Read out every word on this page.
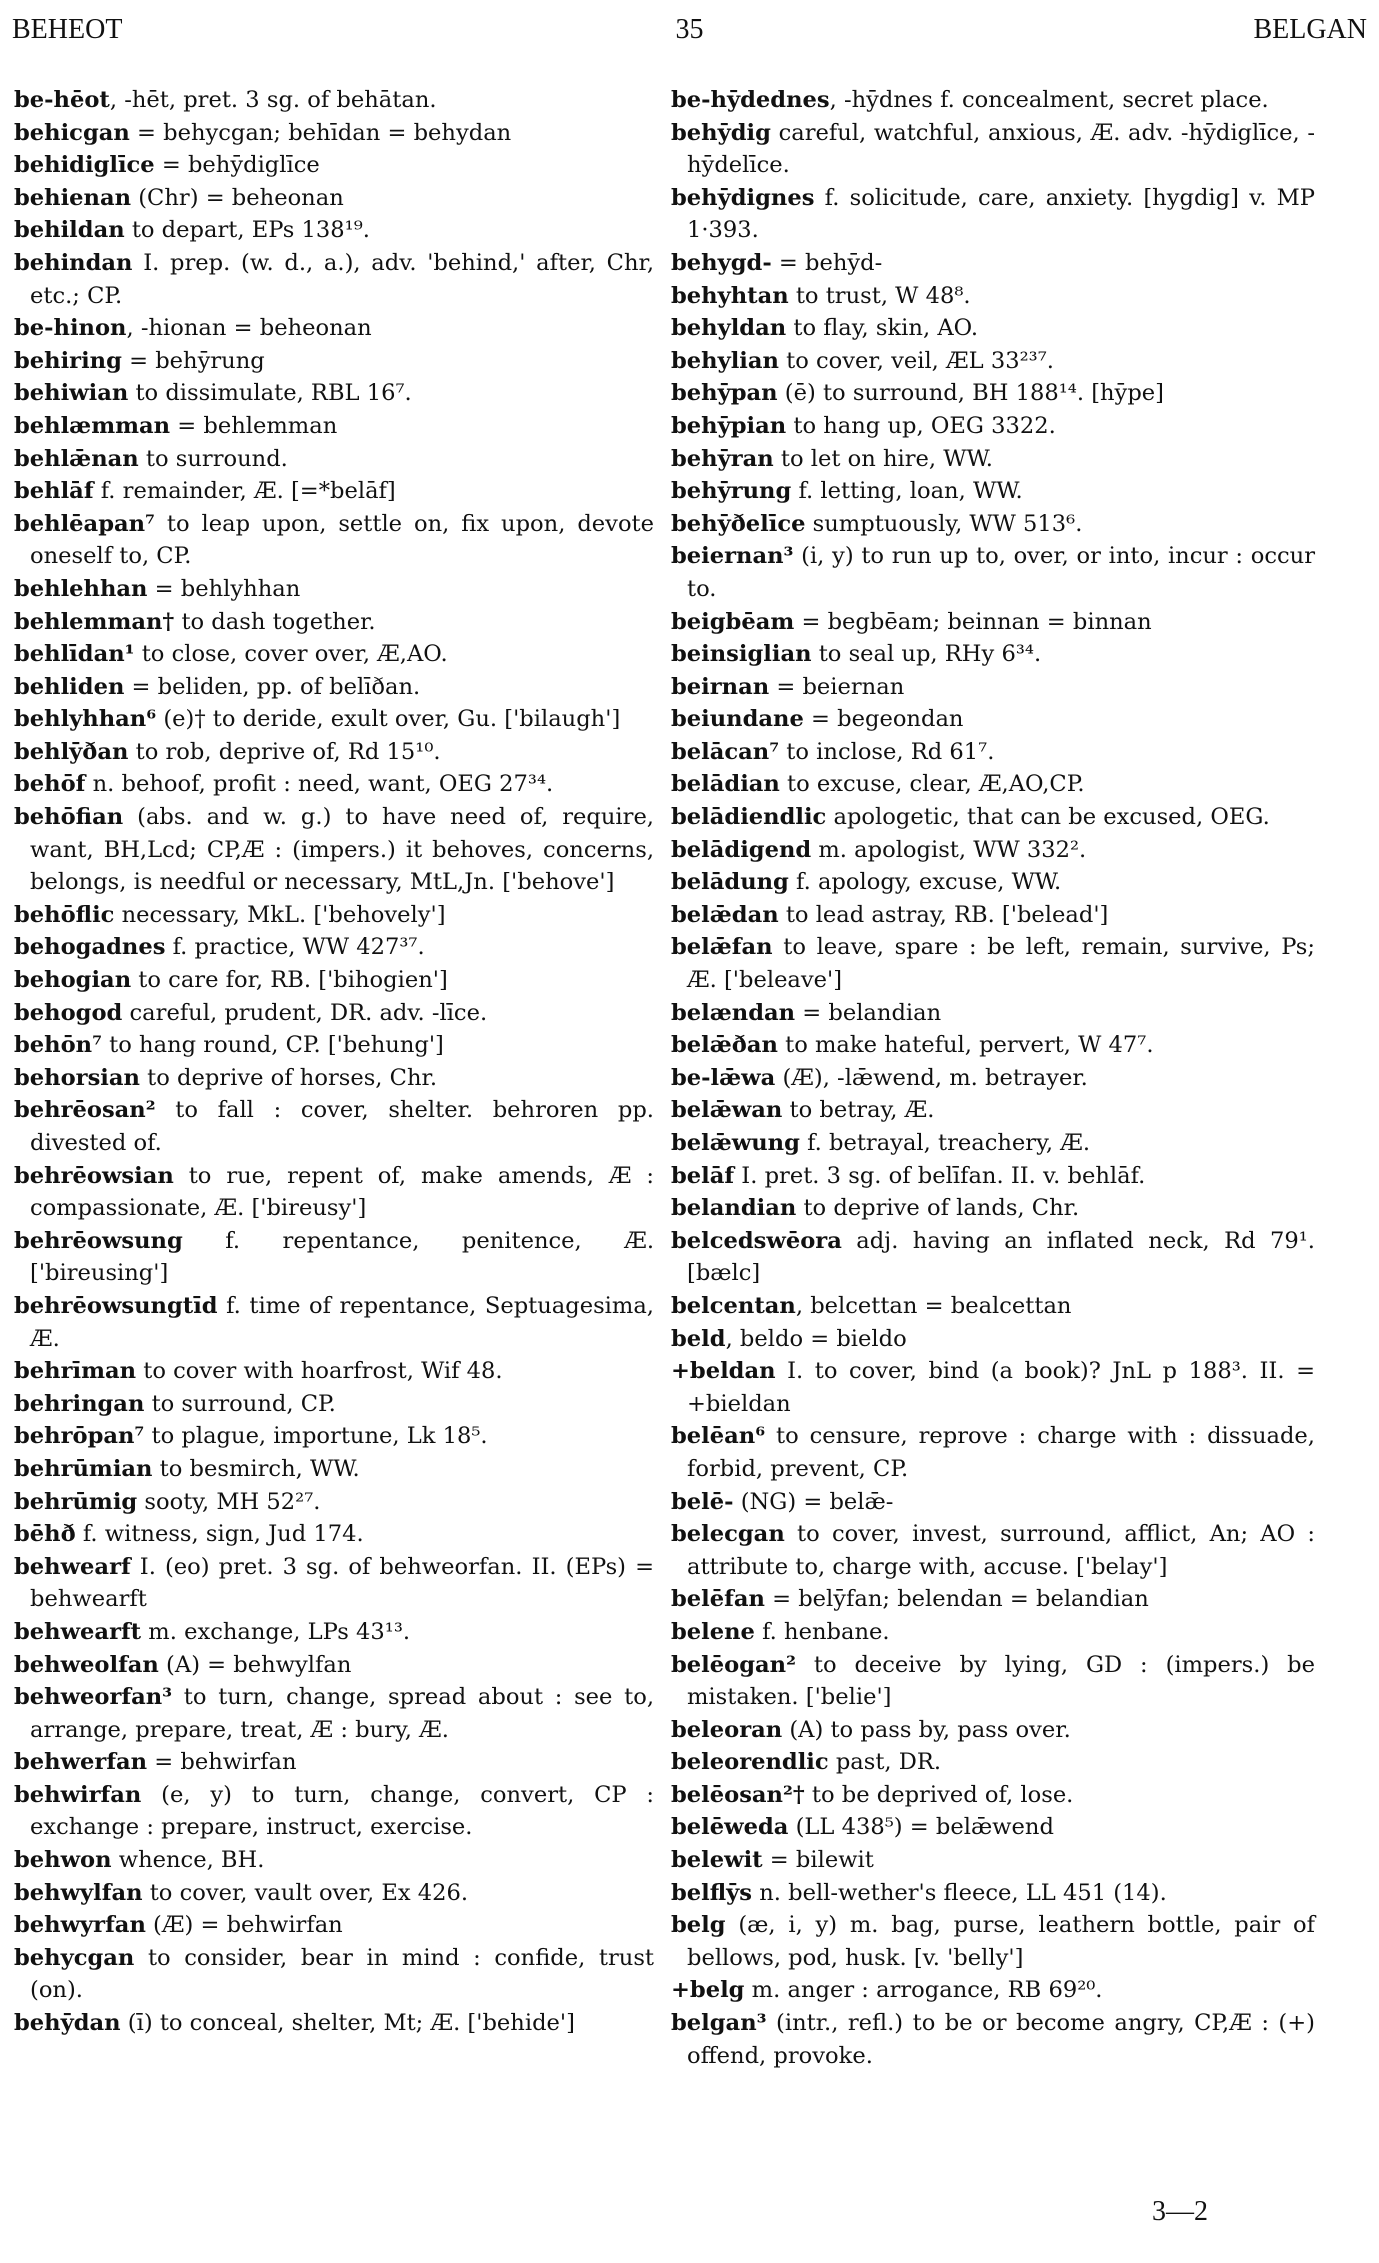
BEHEOT	35	BELGAN

be-hēot, -hēt, pret. 3 sg. of behātan.

behicgan = behycgan; behīdan = behydan

behidiglīce = behȳdiglīce

behienan (Chr) = beheonan

behildan to depart, EPs 138¹⁹.

behindan I. prep. (w. d., a.), adv. 'behind,' after, Chr, etc.; CP.

be-hinon, -hionan = beheonan

behiring = behȳrung

behiwian to dissimulate, RBL 16⁷.

behlæmman = behlemman

behlǣnan to surround.

behlāf f. remainder, Æ. [=*belāf]

behlēapan⁷ to leap upon, settle on, fix upon, devote oneself to, CP.

behlehhan = behlyhhan

behlemman† to dash together.

behlīdan¹ to close, cover over, Æ,AO.

behliden = beliden, pp. of belīðan.

behlyhhan⁶ (e)† to deride, exult over, Gu. ['bilaugh']

behlȳðan to rob, deprive of, Rd 15¹⁰.

behōf n. behoof, profit : need, want, OEG 27³⁴.

behōfian (abs. and w. g.) to have need of, require, want, BH,Lcd; CP,Æ : (impers.) it behoves, concerns, belongs, is needful or necessary, MtL,Jn. ['behove']

behōflic necessary, MkL. ['behovely']

behogadnes f. practice, WW 427³⁷.

behogian to care for, RB. ['bihogien']

behogod careful, prudent, DR. adv. -līce.

behōn⁷ to hang round, CP. ['behung']

behorsian to deprive of horses, Chr.

behrēosan² to fall : cover, shelter. behroren pp. divested of.

behrēowsian to rue, repent of, make amends, Æ : compassionate, Æ. ['bireusy']

behrēowsung f. repentance, penitence, Æ. ['bireusing']

behrēowsungtīd f. time of repentance, Septuagesima, Æ.

behrīman to cover with hoarfrost, Wif 48.

behringan to surround, CP.

behrōpan⁷ to plague, importune, Lk 18⁵.

behrūmian to besmirch, WW.

behrūmig sooty, MH 52²⁷.

bēhð f. witness, sign, Jud 174.

behwearf I. (eo) pret. 3 sg. of behweorfan. II. (EPs) = behwearft

behwearft m. exchange, LPs 43¹³.

behweolfan (A) = behwylfan

behweorfan³ to turn, change, spread about : see to, arrange, prepare, treat, Æ : bury, Æ.

behwerfan = behwirfan

behwirfan (e, y) to turn, change, convert, CP : exchange : prepare, instruct, exercise.

behwon whence, BH.

behwylfan to cover, vault over, Ex 426.

behwyrfan (Æ) = behwirfan

behycgan to consider, bear in mind : confide, trust (on).

behȳdan (ī) to conceal, shelter, Mt; Æ. ['behide']

be-hȳdednes, -hȳdnes f. concealment, secret place.

behȳdig careful, watchful, anxious, Æ. adv. -hȳdiglīce, -hȳdelīce.

behȳdignes f. solicitude, care, anxiety. [hygdig] v. MP 1·393.

behygd- = behȳd-

behyhtan to trust, W 48⁸.

behyldan to flay, skin, AO.

behylian to cover, veil, ÆL 33²³⁷.

behȳpan (ē) to surround, BH 188¹⁴. [hȳpe]

behȳpian to hang up, OEG 3322.

behȳran to let on hire, WW.

behȳrung f. letting, loan, WW.

behȳðelīce sumptuously, WW 513⁶.

beiernan³ (i, y) to run up to, over, or into, incur : occur to.

beigbēam = begbēam; beinnan = binnan

beinsiglian to seal up, RHy 6³⁴.

beirnan = beiernan

beiundane = begeondan

belācan⁷ to inclose, Rd 61⁷.

belādian to excuse, clear, Æ,AO,CP.

belādiendlic apologetic, that can be excused, OEG.

belādigend m. apologist, WW 332².

belādung f. apology, excuse, WW.

belǣdan to lead astray, RB. ['belead']

belǣfan to leave, spare : be left, remain, survive, Ps; Æ. ['beleave']

belændan = belandian

belǣðan to make hateful, pervert, W 47⁷.

be-lǣwa (Æ), -lǣwend, m. betrayer.

belǣwan to betray, Æ.

belǣwung f. betrayal, treachery, Æ.

belāf I. pret. 3 sg. of belīfan. II. v. behlāf.

belandian to deprive of lands, Chr.

belcedswēora adj. having an inflated neck, Rd 79¹. [bælc]

belcentan, belcettan = bealcettan

beld, beldo = bieldo

+beldan I. to cover, bind (a book)? JnL p 188³. II. = +bieldan

belēan⁶ to censure, reprove : charge with : dissuade, forbid, prevent, CP.

belē- (NG) = belǣ-

belecgan to cover, invest, surround, afflict, An; AO : attribute to, charge with, accuse. ['belay']

belēfan = belȳfan; belendan = belandian

belene f. henbane.

belēogan² to deceive by lying, GD : (impers.) be mistaken. ['belie']

beleoran (A) to pass by, pass over.

beleorendlic past, DR.

belēosan²† to be deprived of, lose.

belēweda (LL 438⁵) = belǣwend

belewit = bilewit

belflȳs n. bell-wether's fleece, LL 451 (14).

belg (æ, i, y) m. bag, purse, leathern bottle, pair of bellows, pod, husk. [v. 'belly']

+belg m. anger : arrogance, RB 69²⁰.

belgan³ (intr., refl.) to be or become angry, CP,Æ : (+) offend, provoke.

3—2
